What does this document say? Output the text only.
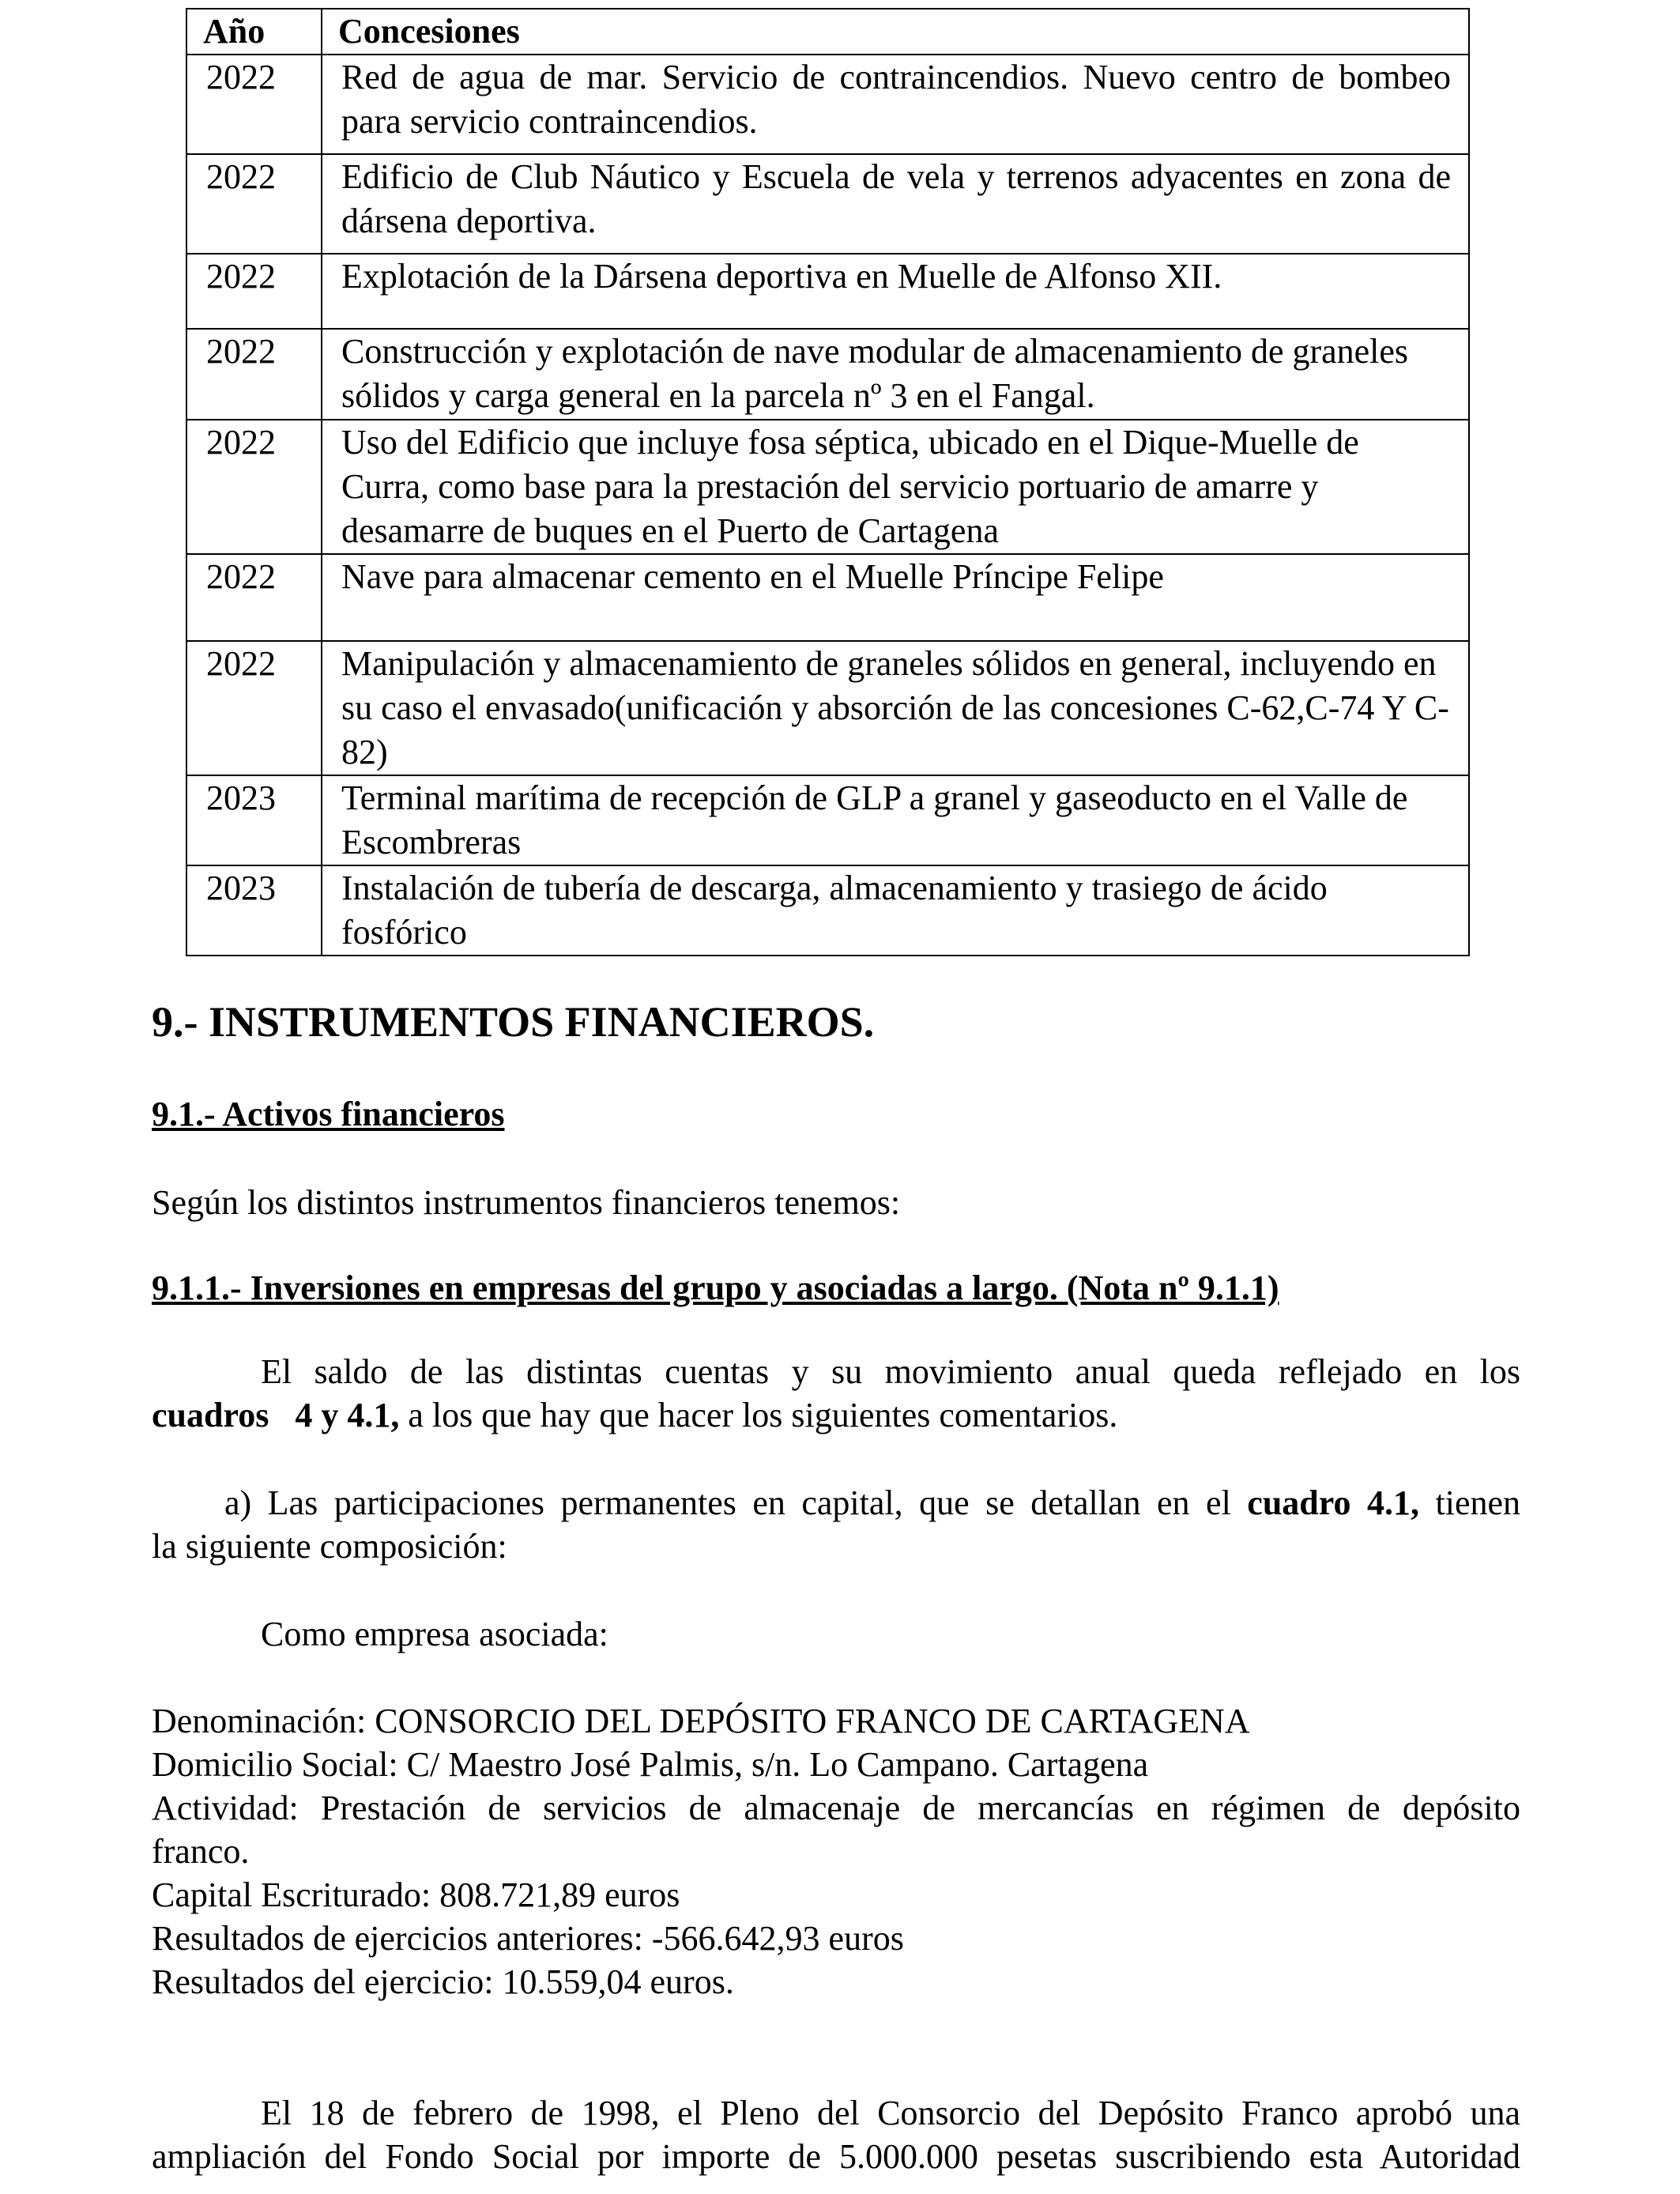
Año	Concesiones
2022	Red de agua de mar. Servicio de contraincendios. Nuevo centro de bombeo para servicio contraincendios.
2022	Edificio de Club Náutico y Escuela de vela y terrenos adyacentes en zona de dársena deportiva.
2022	Explotación de la Dársena deportiva en Muelle de Alfonso XII.
2022	Construcción y explotación de nave modular de almacenamiento de graneles sólidos y carga general en la parcela nº 3 en el Fangal.
2022	Uso del Edificio que incluye fosa séptica, ubicado en el Dique-Muelle de Curra, como base para la prestación del servicio portuario de amarre y desamarre de buques en el Puerto de Cartagena
2022	Nave para almacenar cemento en el Muelle Príncipe Felipe
2022	Manipulación y almacenamiento de graneles sólidos en general, incluyendo en su caso el envasado(unificación y absorción de las concesiones C-62,C-74 Y C-82)
2023	Terminal marítima de recepción de GLP a granel y gaseoducto en el Valle de Escombreras
2023	Instalación de tubería de descarga, almacenamiento y trasiego de ácido fosfórico
9.- INSTRUMENTOS FINANCIEROS.
9.1.- Activos financieros
Según los distintos instrumentos financieros tenemos:
9.1.1.- Inversiones en empresas del grupo y asociadas a largo. (Nota nº 9.1.1)
El saldo de las distintas cuentas y su movimiento anual queda reflejado en los
cuadros 4 y 4.1, a los que hay que hacer los siguientes comentarios.
a) Las participaciones permanentes en capital, que se detallan en el cuadro 4.1, tienen
la siguiente composición:
Como empresa asociada:
Denominación: CONSORCIO DEL DEPÓSITO FRANCO DE CARTAGENA
Domicilio Social: C/ Maestro José Palmis, s/n. Lo Campano. Cartagena
Actividad: Prestación de servicios de almacenaje de mercancías en régimen de depósito
franco.
Capital Escriturado: 808.721,89 euros
Resultados de ejercicios anteriores: -566.642,93 euros
Resultados del ejercicio: 10.559,04 euros.
El 18 de febrero de 1998, el Pleno del Consorcio del Depósito Franco aprobó una
ampliación del Fondo Social por importe de 5.000.000 pesetas suscribiendo esta Autoridad
